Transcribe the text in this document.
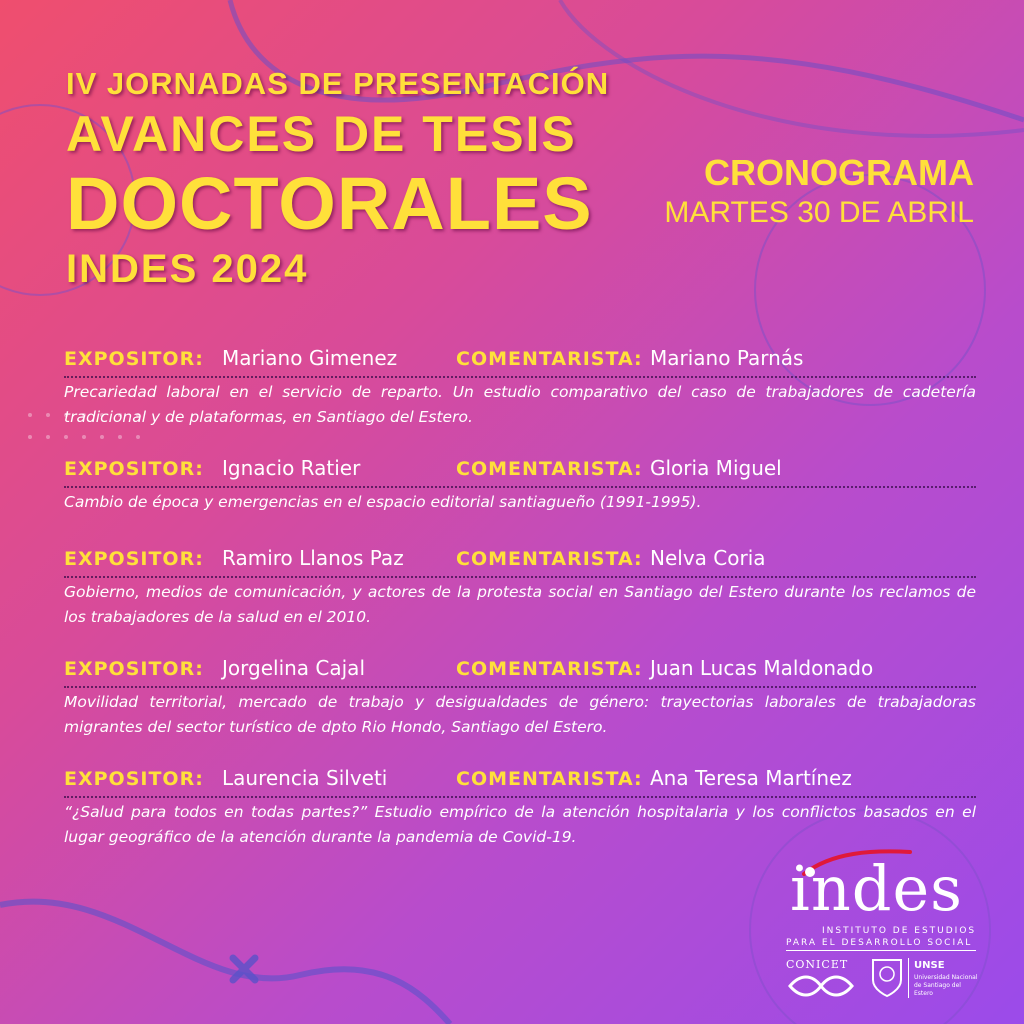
IV JORNADAS DE PRESENTACIÓN
AVANCES DE TESIS
DOCTORALES
INDES 2024
CRONOGRAMA
MARTES 30 DE ABRIL
EXPOSITOR: Mariano Gimenez	COMENTARISTA: Mariano Parnás
Precariedad laboral en el servicio de reparto. Un estudio comparativo del caso de trabajadores de cadetería tradicional y de plataformas, en Santiago del Estero.
EXPOSITOR: Ignacio Ratier	COMENTARISTA: Gloria Miguel
Cambio de época y emergencias en el espacio editorial santiagueño (1991-1995).
EXPOSITOR: Ramiro Llanos Paz	COMENTARISTA: Nelva Coria
Gobierno, medios de comunicación, y actores de la protesta social en Santiago del Estero durante los reclamos de los trabajadores de la salud en el 2010.
EXPOSITOR: Jorgelina Cajal	COMENTARISTA: Juan Lucas Maldonado
Movilidad territorial, mercado de trabajo y desigualdades de género: trayectorias laborales de trabajadoras migrantes del sector turístico de dpto Rio Hondo, Santiago del Estero.
EXPOSITOR: Laurencia Silveti	COMENTARISTA: Ana Teresa Martínez
“¿Salud para todos en todas partes?” Estudio empírico de la atención hospitalaria y los conflictos basados en el lugar geográfico de la atención durante la pandemia de Covid-19.
indes
INSTITUTO DE ESTUDIOS
PARA EL DESARROLLO SOCIAL
CONICET	UNSE
Universidad Nacional de Santiago del Estero
